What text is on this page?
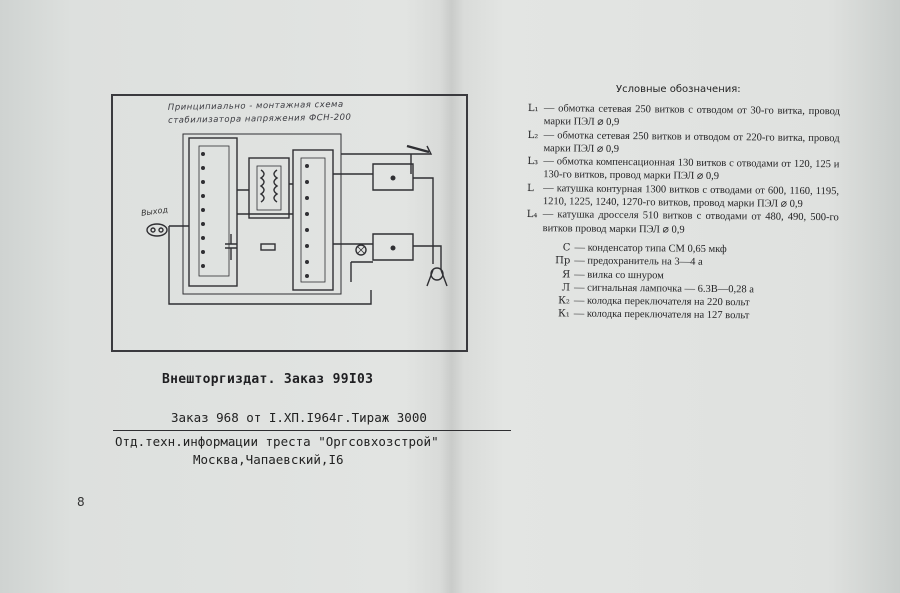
Принципиально - монтажная схема
стабилизатора напряжения ФСН-200
Выход
Внешторгиздат. Заказ 99I03
Заказ 968 от I.XП.I964г.Тираж 3000
Отд.техн.информации треста "Оргсовхозстрой"
Москва,Чапаевский,I6
8
Условные обозначения:
L₁ — обмотка сетевая 250 витков с отводом от 30-го витка, провод марки ПЭЛ ⌀ 0,9
L₂ — обмотка сетевая 250 витков и отводом от 220-го витка, провод марки ПЭЛ ⌀ 0,9
L₃ — обмотка компенсационная 130 витков с отводами от 120, 125 и 130-го витков, провод марки ПЭЛ ⌀ 0,9
L — катушка контурная 1300 витков с отводами от 600, 1160, 1195, 1210, 1225, 1240, 1270-го витков, провод марки ПЭЛ ⌀ 0,9
L₄ — катушка дросселя 510 витков с отводами от 480, 490, 500-го витков провод марки ПЭЛ ⌀ 0,9
С — конденсатор типа СМ 0,65 мкф
Пр — предохранитель на 3—4 а
Я — вилка со шнуром
Л — сигнальная лампочка — 6.3В—0,28 а
К₂ — колодка переключателя на 220 вольт
К₁ — колодка переключателя на 127 вольт
